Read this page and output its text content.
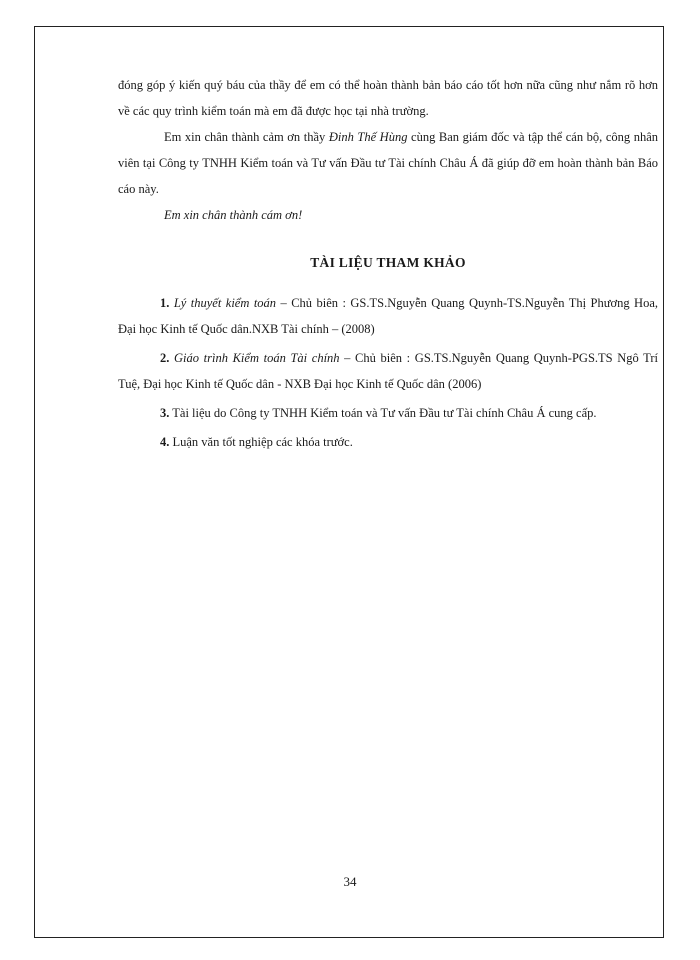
đóng góp ý kiến quý báu của thầy để em có thể hoàn thành bản báo cáo tốt hơn nữa cũng như nắm rõ hơn về các quy trình kiểm toán mà em đã được học tại nhà trường.

Em xin chân thành cảm ơn thầy Đinh Thế Hùng cùng Ban giám đốc và tập thể cán bộ, công nhân viên tại Công ty TNHH Kiểm toán và Tư vấn Đầu tư Tài chính Châu Á đã giúp đỡ em hoàn thành bản Báo cáo này.

Em xin chân thành cám ơn!

TÀI LIỆU THAM KHẢO

1. Lý thuyết kiểm toán – Chủ biên : GS.TS.Nguyễn Quang Quynh-TS.Nguyễn Thị Phương Hoa, Đại học Kinh tế Quốc dân.NXB Tài chính – (2008)

2. Giáo trình Kiểm toán Tài chính – Chủ biên : GS.TS.Nguyễn Quang Quynh-PGS.TS Ngô Trí Tuệ, Đại học Kinh tế Quốc dân - NXB Đại học Kinh tế Quốc dân (2006)

3. Tài liệu do Công ty TNHH Kiểm toán và Tư vấn Đầu tư Tài chính Châu Á cung cấp.

4. Luận văn tốt nghiệp các khóa trước.

34
